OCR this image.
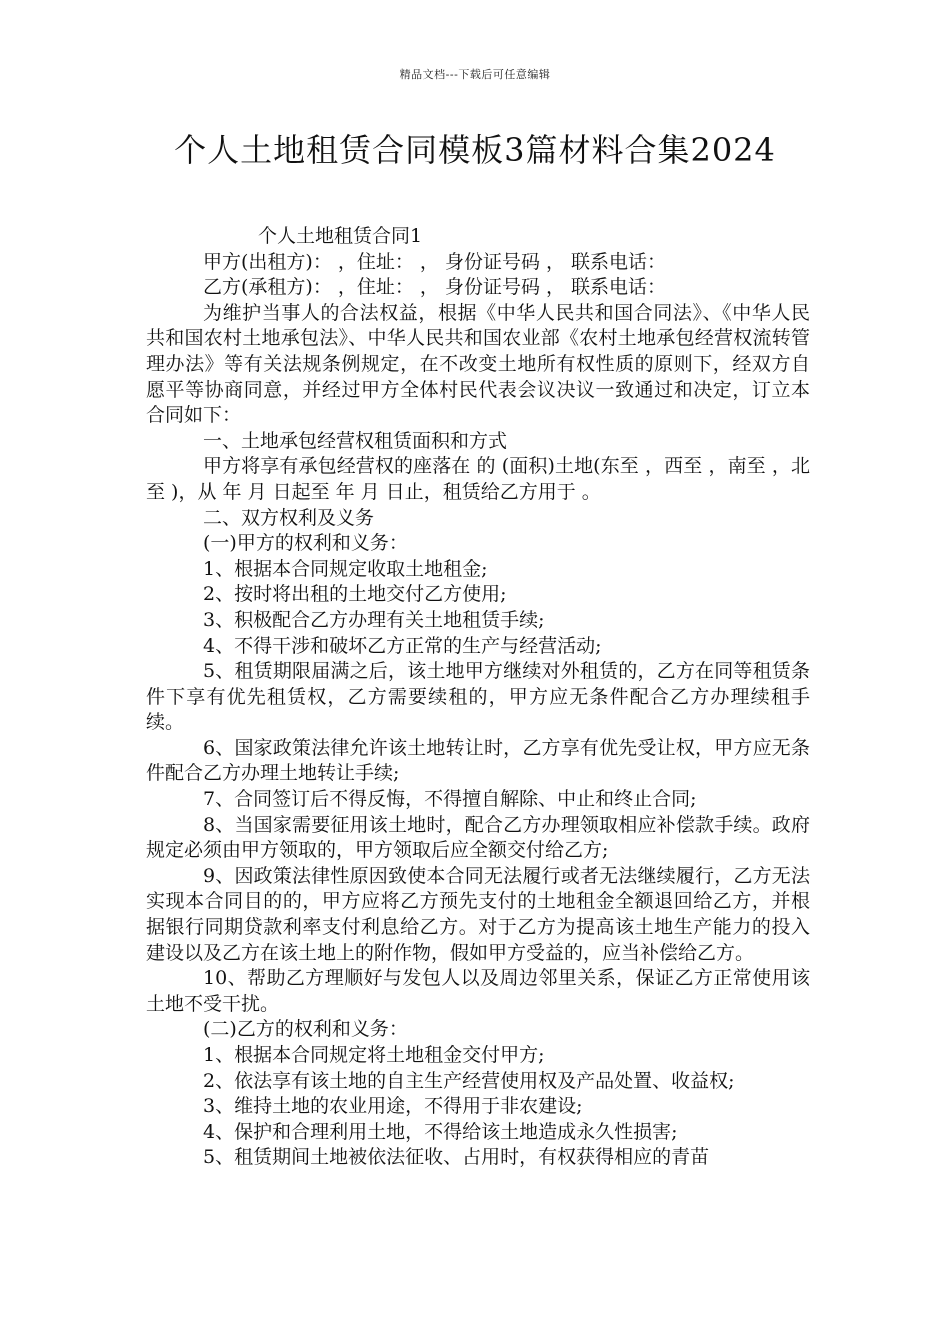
精品文档---下载后可任意编辑
个人土地租赁合同模板3篇材料合集2024

个人土地租赁合同1

甲方(出租方)： ，住址： ， 身份证号码 ， 联系电话：

乙方(承租方)： ，住址： ， 身份证号码 ， 联系电话：

为维护当事人的合法权益，根据《中华人民共和国合同法》、《中华人民共和国农村土地承包法》、中华人民共和国农业部《农村土地承包经营权流转管理办法》等有关法规条例规定，在不改变土地所有权性质的原则下，经双方自愿平等协商同意，并经过甲方全体村民代表会议决议一致通过和决定，订立本合同如下：

一、土地承包经营权租赁面积和方式

甲方将享有承包经营权的座落在 的 (面积)土地(东至 ，西至 ，南至 ，北至 )，从 年 月 日起至 年 月 日止，租赁给乙方用于 。

二、双方权利及义务

(一)甲方的权利和义务：

1、根据本合同规定收取土地租金;

2、按时将出租的土地交付乙方使用;

3、积极配合乙方办理有关土地租赁手续;

4、不得干涉和破坏乙方正常的生产与经营活动;

5、租赁期限届满之后，该土地甲方继续对外租赁的，乙方在同等租赁条件下享有优先租赁权，乙方需要续租的，甲方应无条件配合乙方办理续租手续。

6、国家政策法律允许该土地转让时，乙方享有优先受让权，甲方应无条件配合乙方办理土地转让手续;

7、合同签订后不得反悔，不得擅自解除、中止和终止合同;

8、当国家需要征用该土地时，配合乙方办理领取相应补偿款手续。政府规定必须由甲方领取的，甲方领取后应全额交付给乙方;

9、因政策法律性原因致使本合同无法履行或者无法继续履行，乙方无法实现本合同目的的，甲方应将乙方预先支付的土地租金全额退回给乙方，并根据银行同期贷款利率支付利息给乙方。对于乙方为提高该土地生产能力的投入建设以及乙方在该土地上的附作物，假如甲方受益的，应当补偿给乙方。

10、帮助乙方理顺好与发包人以及周边邻里关系，保证乙方正常使用该土地不受干扰。

(二)乙方的权利和义务：

1、根据本合同规定将土地租金交付甲方;

2、依法享有该土地的自主生产经营使用权及产品处置、收益权;

3、维持土地的农业用途，不得用于非农建设;

4、保护和合理利用土地，不得给该土地造成永久性损害;

5、租赁期间土地被依法征收、占用时，有权获得相应的青苗
